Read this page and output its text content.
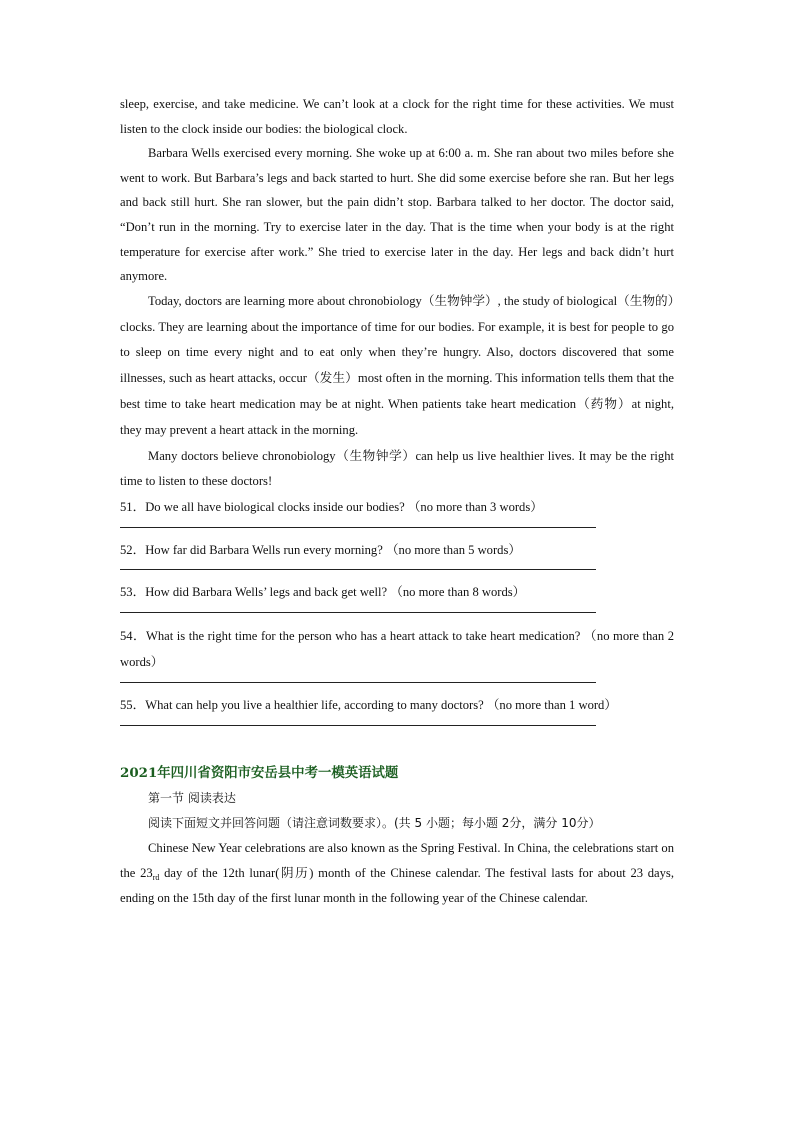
sleep, exercise, and take medicine. We can’t look at a clock for the right time for these activities. We must listen to the clock inside our bodies: the biological clock.

Barbara Wells exercised every morning. She woke up at 6:00 a. m. She ran about two miles before she went to work. But Barbara’s legs and back started to hurt. She did some exercise before she ran. But her legs and back still hurt. She ran slower, but the pain didn’t stop. Barbara talked to her doctor. The doctor said, “Don’t run in the morning. Try to exercise later in the day. That is the time when your body is at the right temperature for exercise after work.” She tried to exercise later in the day. Her legs and back didn’t hurt anymore.

Today, doctors are learning more about chronobiology（生物钟学）, the study of biological（生物的）clocks. They are learning about the importance of time for our bodies. For example, it is best for people to go to sleep on time every night and to eat only when they’re hungry. Also, doctors discovered that some illnesses, such as heart attacks, occur（发生）most often in the morning. This information tells them that the best time to take heart medication may be at night. When patients take heart medication（药物）at night, they may prevent a heart attack in the morning.

Many doctors believe chronobiology（生物钟学）can help us live healthier lives. It may be the right time to listen to these doctors!

51．Do we all have biological clocks inside our bodies? （no more than 3 words）

52．How far did Barbara Wells run every morning? （no more than 5 words）

53．How did Barbara Wells’ legs and back get well? （no more than 8 words）

54．What is the right time for the person who has a heart attack to take heart medication? （no more than 2 words）

55．What can help you live a healthier life, according to many doctors? （no more than 1 word）

2021年四川省资阳市安岳县中考一模英语试题

第一节 阅读表达

阅读下面短文并回答问题（请注意词数要求）。(共 5 小题；每小题 2分，满分 10分）

Chinese New Year celebrations are also known as the Spring Festival. In China, the celebrations start on the $23_{rd}$ day of the 12th lunar(阴历) month of the Chinese calendar. The festival lasts for about 23 days, ending on the 15th day of the first lunar month in the following year of the Chinese calendar.
